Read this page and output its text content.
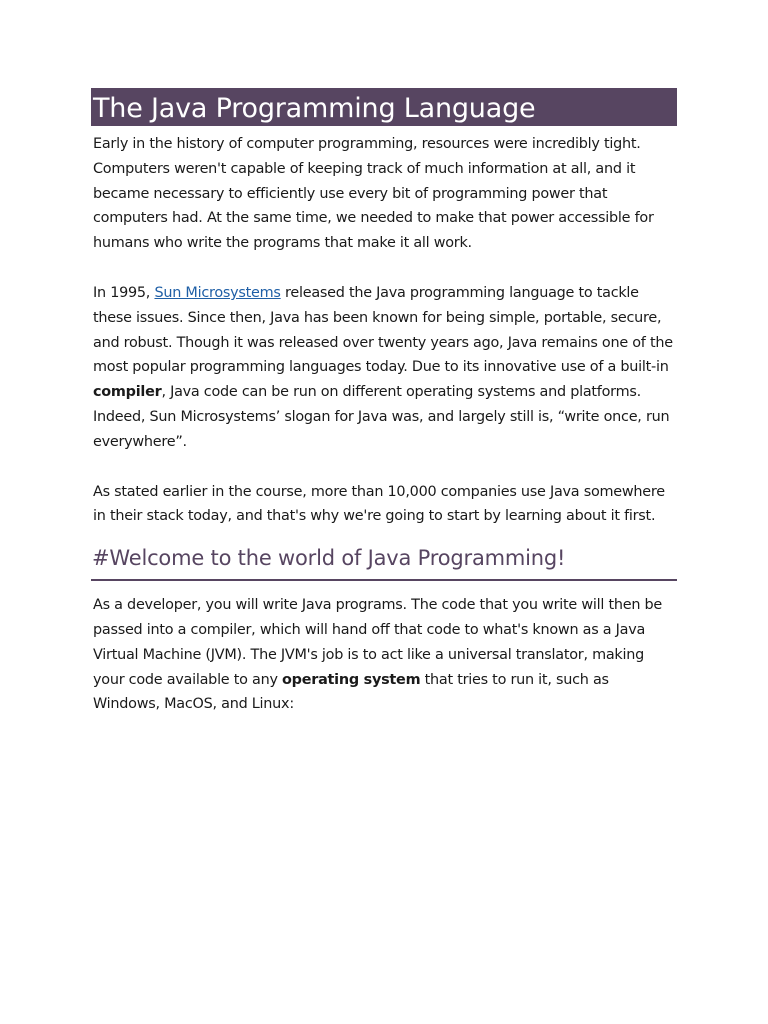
The Java Programming Language

Early in the history of computer programming, resources were incredibly tight. Computers weren't capable of keeping track of much information at all, and it became necessary to efficiently use every bit of programming power that computers had. At the same time, we needed to make that power accessible for humans who write the programs that make it all work.

In 1995, Sun Microsystems released the Java programming language to tackle these issues. Since then, Java has been known for being simple, portable, secure, and robust. Though it was released over twenty years ago, Java remains one of the most popular programming languages today. Due to its innovative use of a built-in compiler, Java code can be run on different operating systems and platforms. Indeed, Sun Microsystems’ slogan for Java was, and largely still is, “write once, run everywhere”.

As stated earlier in the course, more than 10,000 companies use Java somewhere in their stack today, and that's why we're going to start by learning about it first.

#Welcome to the world of Java Programming!

As a developer, you will write Java programs. The code that you write will then be passed into a compiler, which will hand off that code to what's known as a Java Virtual Machine (JVM). The JVM's job is to act like a universal translator, making your code available to any operating system that tries to run it, such as Windows, MacOS, and Linux:
